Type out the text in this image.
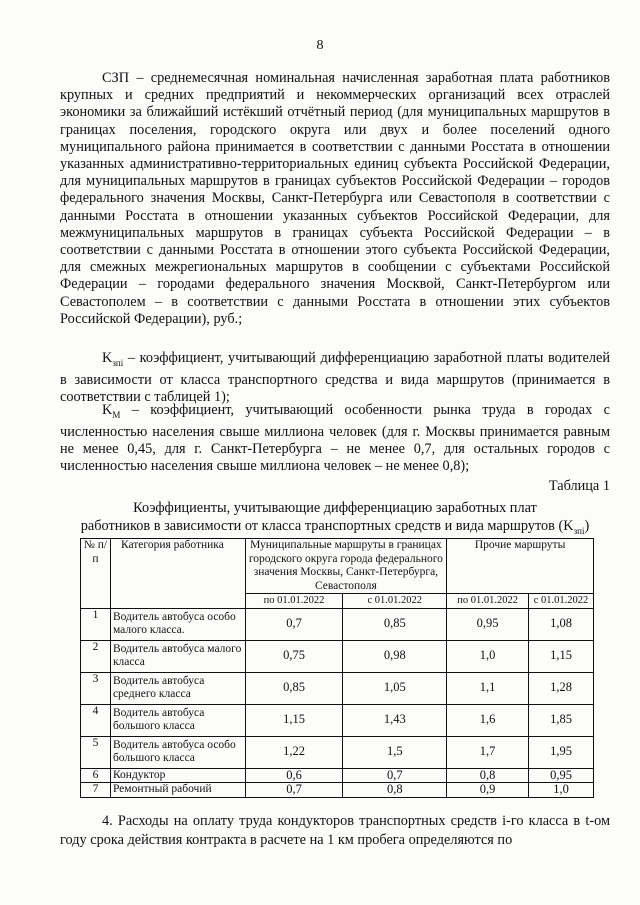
8

СЗП – среднемесячная номинальная начисленная заработная плата работников крупных и средних предприятий и некоммерческих организаций всех отраслей экономики за ближайший истёкший отчётный период (для муниципальных маршрутов в границах поселения, городского округа или двух и более поселений одного муниципального района принимается в соответствии с данными Росстата в отношении указанных административно-территориальных единиц субъекта Российской Федерации, для муниципальных маршрутов в границах субъектов Российской Федерации – городов федерального значения Москвы, Санкт-Петербурга или Севастополя в соответствии с данными Росстата в отношении указанных субъектов Российской Федерации, для межмуниципальных маршрутов в границах субъекта Российской Федерации – в соответствии с данными Росстата в отношении этого субъекта Российской Федерации, для смежных межрегиональных маршрутов в сообщении с субъектами Российской Федерации – городами федерального значения Москвой, Санкт-Петербургом или Севастополем – в соответствии с данными Росстата в отношении этих субъектов Российской Федерации), руб.;

$K_{зпi}$ – коэффициент, учитывающий дифференциацию заработной платы водителей в зависимости от класса транспортного средства и вида маршрутов (принимается в соответствии с таблицей 1);

$K_М$ – коэффициент, учитывающий особенности рынка труда в городах с численностью населения свыше миллиона человек (для г. Москвы принимается равным не менее 0,45, для г. Санкт-Петербурга – не менее 0,7, для остальных городов с численностью населения свыше миллиона человек – не менее 0,8);

Таблица 1
Коэффициенты, учитывающие дифференциацию заработных плат
работников в зависимости от класса транспортных средств и вида маршрутов $(K_{зпi})$
№ п/п	Категория работника	Муниципальные маршруты в границах городского округа города федерального значения Москвы, Санкт-Петербурга, Севастополя		Прочие маршруты	
		по 01.01.2022	с 01.01.2022	по 01.01.2022	с 01.01.2022
1	Водитель автобуса особо малого класса.	0,7	0,85	0,95	1,08
2	Водитель автобуса малого класса	0,75	0,98	1,0	1,15
3	Водитель автобуса среднего класса	0,85	1,05	1,1	1,28
4	Водитель автобуса большого класса	1,15	1,43	1,6	1,85
5	Водитель автобуса особо большого класса	1,22	1,5	1,7	1,95
6	Кондуктор	0,6	0,7	0,8	0,95
7	Ремонтный рабочий	0,7	0,8	0,9	1,0

4. Расходы на оплату труда кондукторов транспортных средств i-го класса в t-ом году срока действия контракта в расчете на 1 км пробега определяются по
